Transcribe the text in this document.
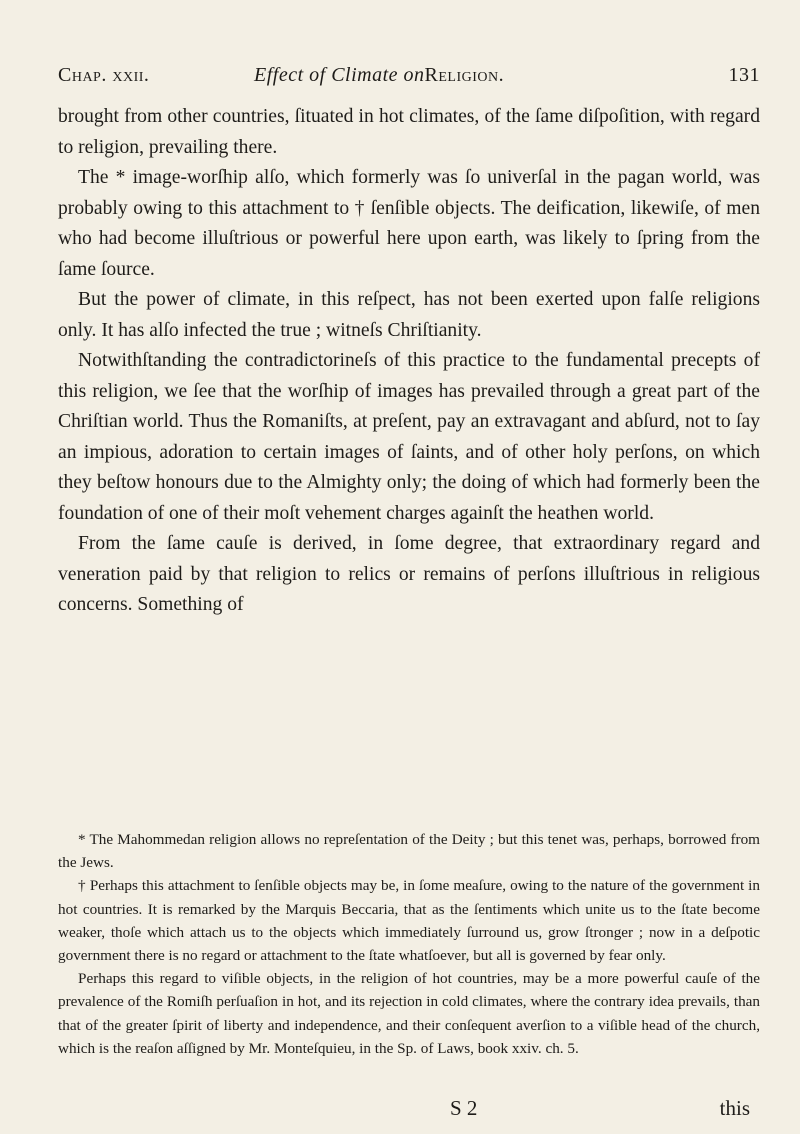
Chap. xxii.	Effect of Climate on Religion.	131

brought from other countries, ſituated in hot climates, of the ſame diſpoſition, with regard to religion, prevailing there.

The * image-worſhip alſo, which formerly was ſo univerſal in the pagan world, was probably owing to this attachment to † ſenſible objects. The deification, likewiſe, of men who had become illuſtrious or powerful here upon earth, was likely to ſpring from the ſame ſource.

But the power of climate, in this reſpect, has not been exerted upon falſe religions only. It has alſo infected the true ; witneſs Chriſtianity.

Notwithſtanding the contradictorineſs of this practice to the fundamental precepts of this religion, we ſee that the worſhip of images has prevailed through a great part of the Chriſtian world. Thus the Romaniſts, at preſent, pay an extravagant and abſurd, not to ſay an impious, adoration to certain images of ſaints, and of other holy perſons, on which they beſtow honours due to the Almighty only; the doing of which had formerly been the foundation of one of their moſt vehement charges againſt the heathen world.

From the ſame cauſe is derived, in ſome degree, that extraordinary regard and veneration paid by that religion to relics or remains of perſons illuſtrious in religious concerns. Something of

* The Mahommedan religion allows no repreſentation of the Deity ; but this tenet was, perhaps, borrowed from the Jews.

† Perhaps this attachment to ſenſible objects may be, in ſome meaſure, owing to the nature of the government in hot countries. It is remarked by the Marquis Beccaria, that as the ſentiments which unite us to the ſtate become weaker, thoſe which attach us to the objects which immediately ſurround us, grow ſtronger ; now in a deſpotic government there is no regard or attachment to the ſtate whatſoever, but all is governed by fear only.

Perhaps this regard to viſible objects, in the religion of hot countries, may be a more powerful cauſe of the prevalence of the Romiſh perſuaſion in hot, and its rejection in cold climates, where the contrary idea prevails, than that of the greater ſpirit of liberty and independence, and their conſequent averſion to a viſible head of the church, which is the reaſon aſſigned by Mr. Monteſquieu, in the Sp. of Laws, book xxiv. ch. 5.

S 2	this
